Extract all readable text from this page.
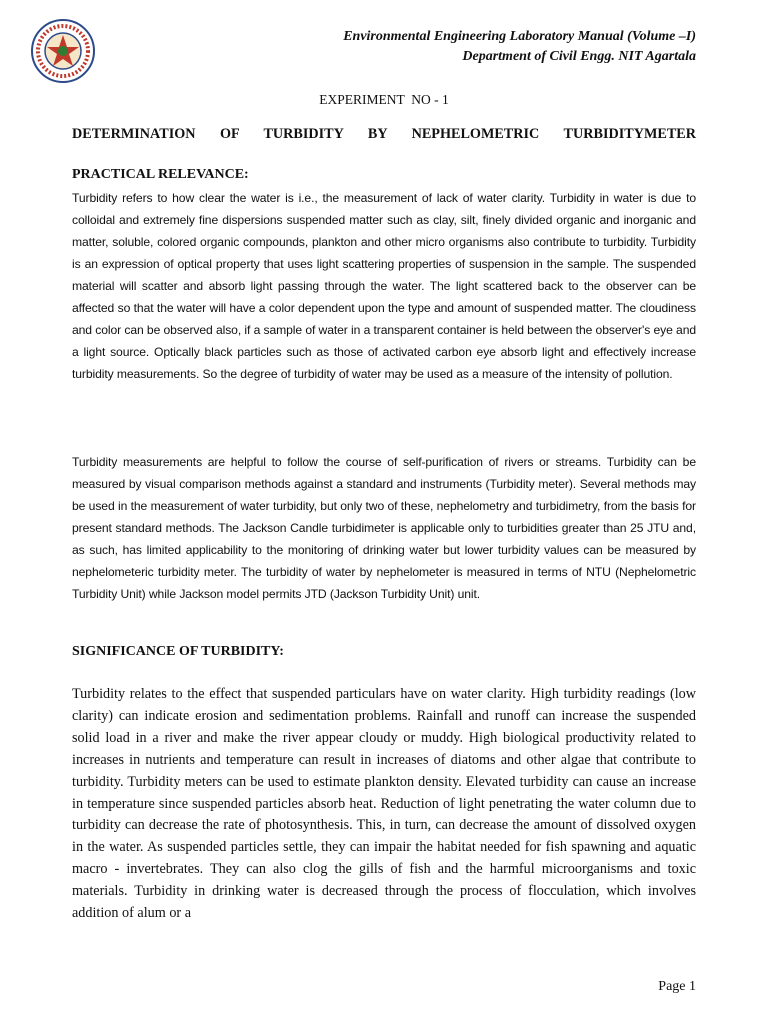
Environmental Engineering Laboratory Manual (Volume –I)
Department of Civil Engg. NIT Agartala
EXPERIMENT  NO - 1
DETERMINATION OF TURBIDITY BY NEPHELOMETRIC TURBIDITYMETER
PRACTICAL RELEVANCE:
Turbidity refers to how clear the water is i.e., the measurement of lack of water clarity. Turbidity in water is due to colloidal and extremely fine dispersions suspended matter such as clay, silt, finely divided organic and inorganic and matter, soluble, colored organic compounds, plankton and other micro organisms also contribute to turbidity. Turbidity is an expression of optical property that uses light scattering properties of suspension in the sample. The suspended material will scatter and absorb light passing through the water. The light scattered back to the observer can be affected so that the water will have a color dependent upon the type and amount of suspended matter. The cloudiness and color can be observed also, if a sample of water in a transparent container is held between the observer's eye and a light source. Optically black particles such as those of activated carbon eye absorb light and effectively increase turbidity measurements. So the degree of turbidity of water may be used as a measure of the intensity of pollution.
Turbidity measurements are helpful to follow the course of self-purification of rivers or streams. Turbidity can be measured by visual comparison methods against a standard and instruments (Turbidity meter). Several methods may be used in the measurement of water turbidity, but only two of these, nephelometry and turbidimetry, from the basis for present standard methods. The Jackson Candle turbidimeter is applicable only to turbidities greater than 25 JTU and, as such, has limited applicability to the monitoring of drinking water but lower turbidity values can be measured by nephelometeric turbidity meter. The turbidity of water by nephelometer is measured in terms of NTU (Nephelometric Turbidity Unit) while Jackson model permits JTD (Jackson Turbidity Unit) unit.
SIGNIFICANCE OF TURBIDITY:
Turbidity relates to the effect that suspended particulars have on water clarity. High turbidity readings (low clarity) can indicate erosion and sedimentation problems. Rainfall and runoff can increase the suspended solid load in a river and make the river appear cloudy or muddy. High biological productivity related to increases in nutrients and temperature can result in increases of diatoms and other algae that contribute to turbidity. Turbidity meters can be used to estimate plankton density. Elevated turbidity can cause an increase in temperature since suspended particles absorb heat. Reduction of light penetrating the water column due to turbidity can decrease the rate of photosynthesis. This, in turn, can decrease the amount of dissolved oxygen in the water. As suspended particles settle, they can impair the habitat needed for fish spawning and aquatic macro - invertebrates. They can also clog the gills of fish and the harmful microorganisms and toxic materials. Turbidity in drinking water is decreased through the process of flocculation, which involves addition of alum or a
Page 1
